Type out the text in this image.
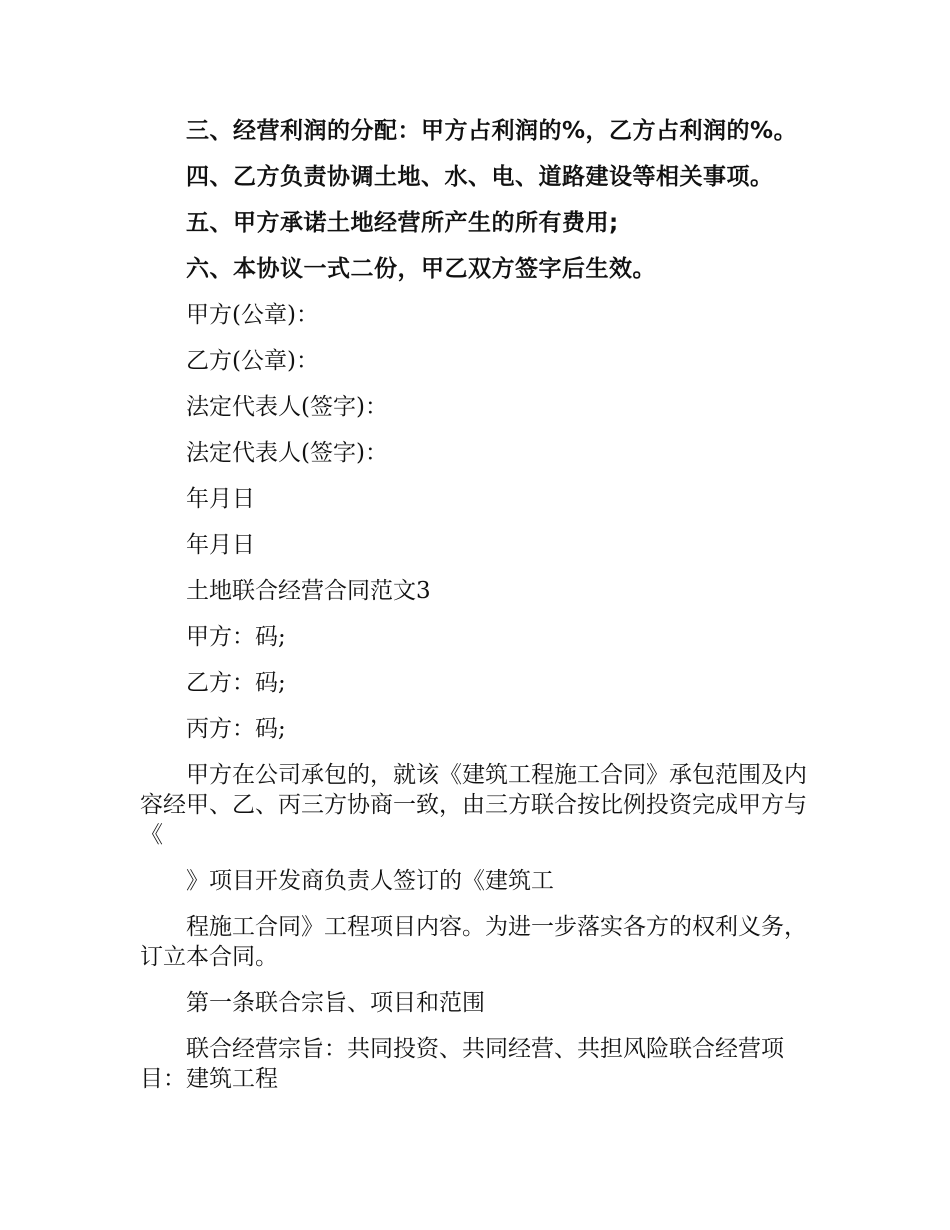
三、经营利润的分配：甲方占利润的%，乙方占利润的%。
四、乙方负责协调土地、水、电、道路建设等相关事项。
五、甲方承诺土地经营所产生的所有费用;
六、本协议一式二份，甲乙双方签字后生效。
甲方(公章)：
乙方(公章)：
法定代表人(签字)：
法定代表人(签字)：
年月日
年月日
土地联合经营合同范文3
甲方：码;
乙方：码;
丙方：码;

甲方在公司承包的，就该《建筑工程施工合同》承包范围及内容经甲、乙、丙三方协商一致，由三方联合按比例投资完成甲方与《

》项目开发商负责人签订的《建筑工

程施工合同》工程项目内容。为进一步落实各方的权利义务，订立本合同。

第一条联合宗旨、项目和范围

联合经营宗旨：共同投资、共同经营、共担风险联合经营项目：建筑工程
